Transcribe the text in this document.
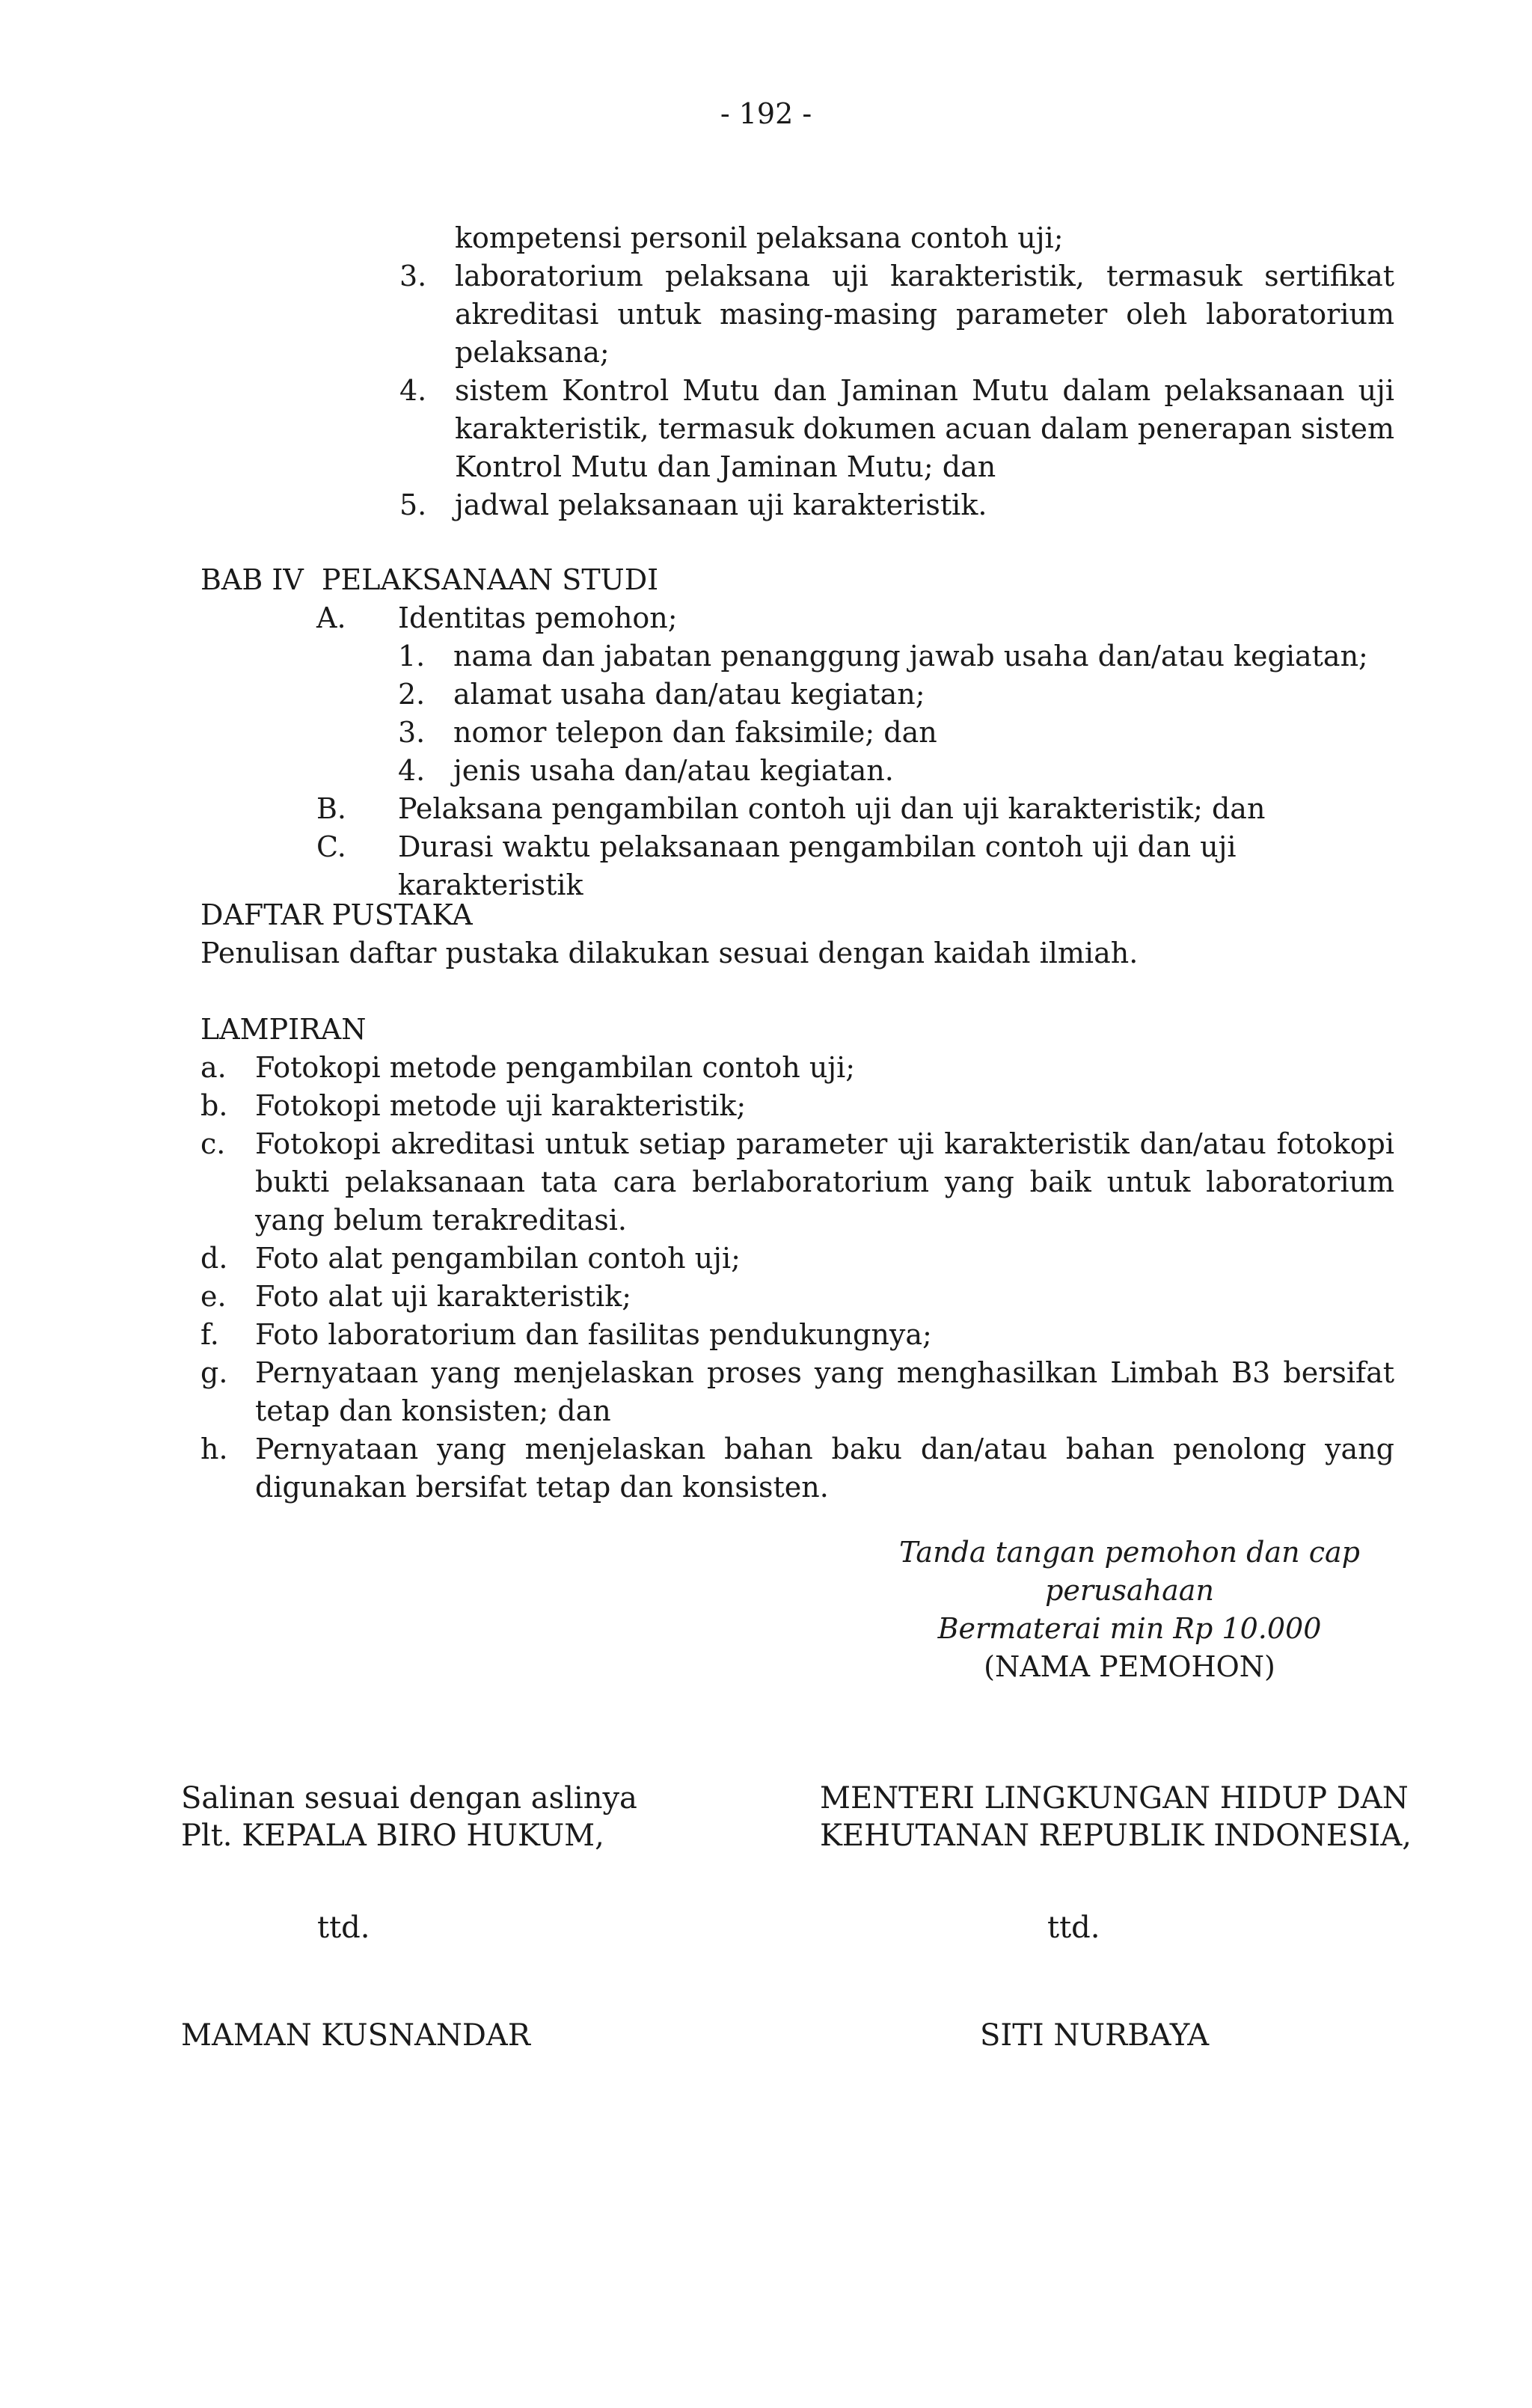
- 192 -
kompetensi personil pelaksana contoh uji;
3. laboratorium pelaksana uji karakteristik, termasuk sertifikat akreditasi untuk masing-masing parameter oleh laboratorium pelaksana;
4. sistem Kontrol Mutu dan Jaminan Mutu dalam pelaksanaan uji karakteristik, termasuk dokumen acuan dalam penerapan sistem Kontrol Mutu dan Jaminan Mutu; dan
5. jadwal pelaksanaan uji karakteristik.
BAB IV  PELAKSANAAN STUDI
A.	Identitas pemohon;
1. nama dan jabatan penanggung jawab usaha dan/atau kegiatan;
2. alamat usaha dan/atau kegiatan;
3. nomor telepon dan faksimile; dan
4. jenis usaha dan/atau kegiatan.
B.	Pelaksana pengambilan contoh uji dan uji karakteristik; dan
C.	Durasi waktu pelaksanaan pengambilan contoh uji dan uji karakteristik
DAFTAR PUSTAKA
Penulisan daftar pustaka dilakukan sesuai dengan kaidah ilmiah.
LAMPIRAN
a.	Fotokopi metode pengambilan contoh uji;
b. Fotokopi metode uji karakteristik;
c.	Fotokopi akreditasi untuk setiap parameter uji karakteristik dan/atau fotokopi bukti pelaksanaan tata cara berlaboratorium yang baik untuk laboratorium yang belum terakreditasi.
d. Foto alat pengambilan contoh uji;
e.	Foto alat uji karakteristik;
f.	Foto laboratorium dan fasilitas pendukungnya;
g. Pernyataan yang menjelaskan proses yang menghasilkan Limbah B3 bersifat tetap dan konsisten; dan
h. Pernyataan yang menjelaskan bahan baku dan/atau bahan penolong yang digunakan bersifat tetap dan konsisten.
Tanda tangan pemohon dan cap
perusahaan
Bermaterai min Rp 10.000
(NAMA PEMOHON)
Salinan sesuai dengan aslinya
Plt. KEPALA BIRO HUKUM,
MENTERI LINGKUNGAN HIDUP DAN
KEHUTANAN REPUBLIK INDONESIA,
ttd.	ttd.
MAMAN KUSNANDAR	SITI NURBAYA
